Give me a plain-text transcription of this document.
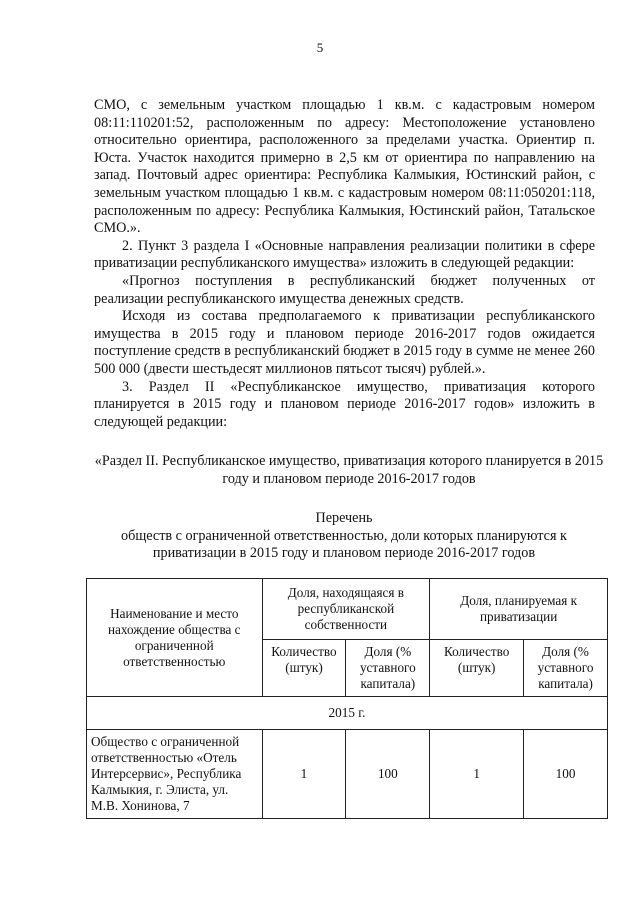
5

СМО, с земельным участком площадью 1 кв.м. с кадастровым номером 08:11:110201:52, расположенным по адресу: Местоположение установлено относительно ориентира, расположенного за пределами участка. Ориентир п. Юста. Участок находится примерно в 2,5 км от ориентира по направлению на запад. Почтовый адрес ориентира: Республика Калмыкия, Юстинский район, с земельным участком площадью 1 кв.м. с кадастровым номером 08:11:050201:118, расположенным по адресу: Республика Калмыкия, Юстинский район, Татальское СМО.».

2. Пункт 3 раздела I «Основные направления реализации политики в сфере приватизации республиканского имущества» изложить в следующей редакции:

«Прогноз поступления в республиканский бюджет полученных от реализации республиканского имущества денежных средств.

Исходя из состава предполагаемого к приватизации республиканского имущества в 2015 году и плановом периоде 2016-2017 годов ожидается поступление средств в республиканский бюджет в 2015 году в сумме не менее 260 500 000 (двести шестьдесят миллионов пятьсот тысяч) рублей.».

3. Раздел II «Республиканское имущество, приватизация которого планируется в 2015 году и плановом периоде 2016-2017 годов» изложить в следующей редакции:

«Раздел II. Республиканское имущество, приватизация которого планируется в 2015 году и плановом периоде 2016-2017 годов
Перечень
обществ с ограниченной ответственностью, доли которых планируются к приватизации в 2015 году и плановом периоде 2016-2017 годов
Наименование и место нахождение общества с ограниченной ответственностью	Доля, находящаяся в республиканской собственности		Доля, планируемая к приватизации	
	Количество (штук)	Доля (% уставного капитала)	Количество (штук)	Доля (% уставного капитала)
2015 г.				
Общество с ограниченной ответственностью «Отель Интерсервис», Республика Калмыкия, г. Элиста, ул. М.В. Хонинова, 7	1	100	1	100
